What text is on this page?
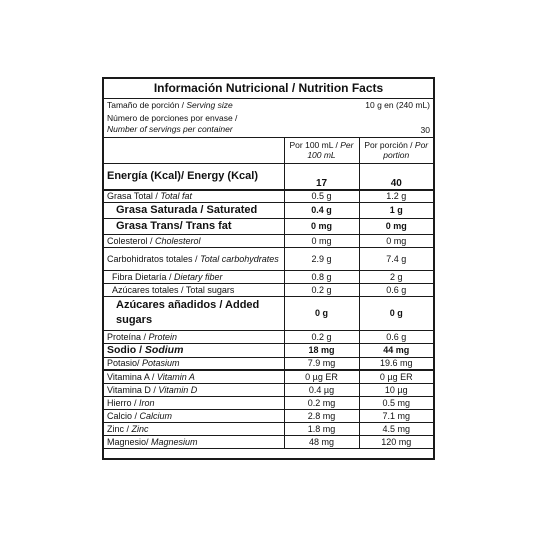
Información Nutricional / Nutrition Facts
Tamaño de porción / Serving size	10 g en (240 mL)
Número de porciones por envase /
Number of servings per container	30
	Por 100 mL / Per 100 mL	Por porción / Por portion
Energía (Kcal)/ Energy (Kcal)	17	40
Grasa Total / Total fat	0.5 g	1.2 g
Grasa Saturada / Saturated	0.4 g	1 g
Grasa Trans/ Trans fat	0 mg	0 mg
Colesterol / Cholesterol	0 mg	0 mg
Carbohidratos totales / Total carbohydrates	2.9 g	7.4 g
Fibra Dietaría / Dietary fiber	0.8 g	2 g
Azúcares totales / Total sugars	0.2 g	0.6 g
Azúcares añadidos / Added sugars	0 g	0 g
Proteína / Protein	0.2 g	0.6 g
Sodio / Sodium	18 mg	44 mg
Potasio/ Potasium	7.9 mg	19.6 mg
Vitamina A / Vitamin A	0 µg ER	0 µg ER
Vitamina D / Vitamin D	0.4 µg	10 µg
Hierro / Iron	0.2 mg	0.5 mg
Calcio / Calcium	2.8 mg	7.1 mg
Zinc / Zinc	1.8 mg	4.5 mg
Magnesio/ Magnesium	48 mg	120 mg
